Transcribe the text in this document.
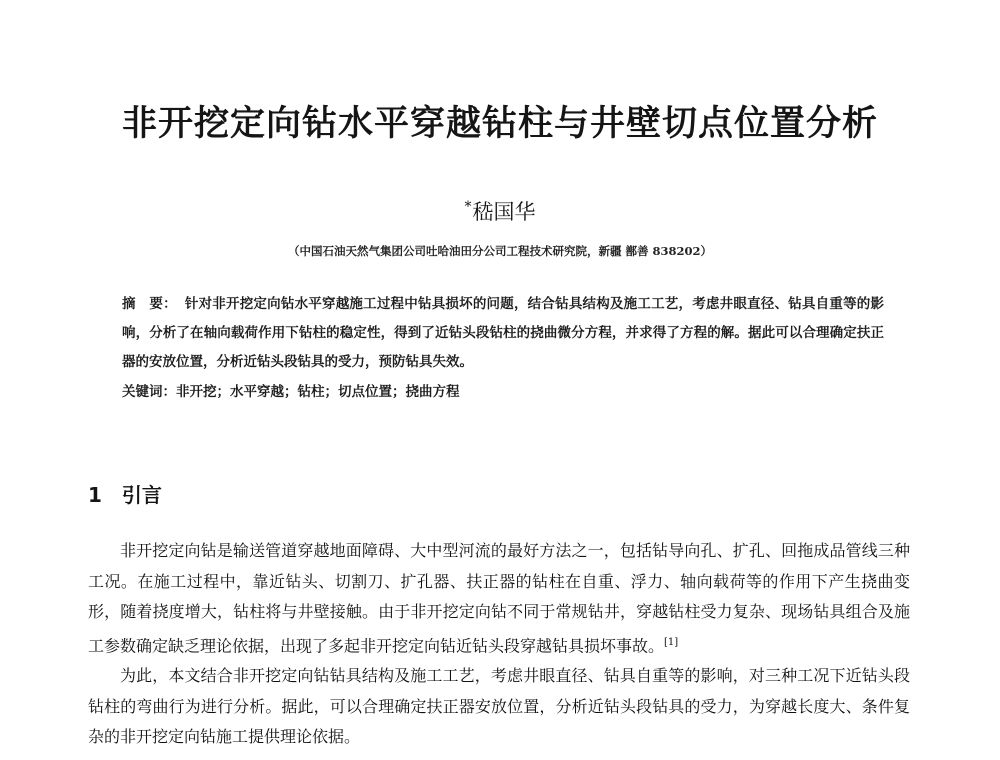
非开挖定向钻水平穿越钻柱与井壁切点位置分析
*嵇国华
（中国石油天然气集团公司吐哈油田分公司工程技术研究院，新疆 鄯善 838202）

摘　要： 针对非开挖定向钻水平穿越施工过程中钻具损坏的问题，结合钻具结构及施工工艺，考虑井眼直径、钻具自重等的影响，分析了在轴向载荷作用下钻柱的稳定性，得到了近钻头段钻柱的挠曲微分方程，并求得了方程的解。据此可以合理确定扶正器的安放位置，分析近钻头段钻具的受力，预防钻具失效。

关键词：非开挖；水平穿越；钻柱；切点位置；挠曲方程
1 引言

非开挖定向钻是输送管道穿越地面障碍、大中型河流的最好方法之一，包括钻导向孔、扩孔、回拖成品管线三种工况。在施工过程中，靠近钻头、切割刀、扩孔器、扶正器的钻柱在自重、浮力、轴向载荷等的作用下产生挠曲变形，随着挠度增大，钻柱将与井壁接触。由于非开挖定向钻不同于常规钻井，穿越钻柱受力复杂、现场钻具组合及施工参数确定缺乏理论依据，出现了多起非开挖定向钻近钻头段穿越钻具损坏事故。[1]

为此，本文结合非开挖定向钻钻具结构及施工工艺，考虑井眼直径、钻具自重等的影响，对三种工况下近钻头段钻柱的弯曲行为进行分析。据此，可以合理确定扶正器安放位置，分析近钻头段钻具的受力，为穿越长度大、条件复杂的非开挖定向钻施工提供理论依据。
